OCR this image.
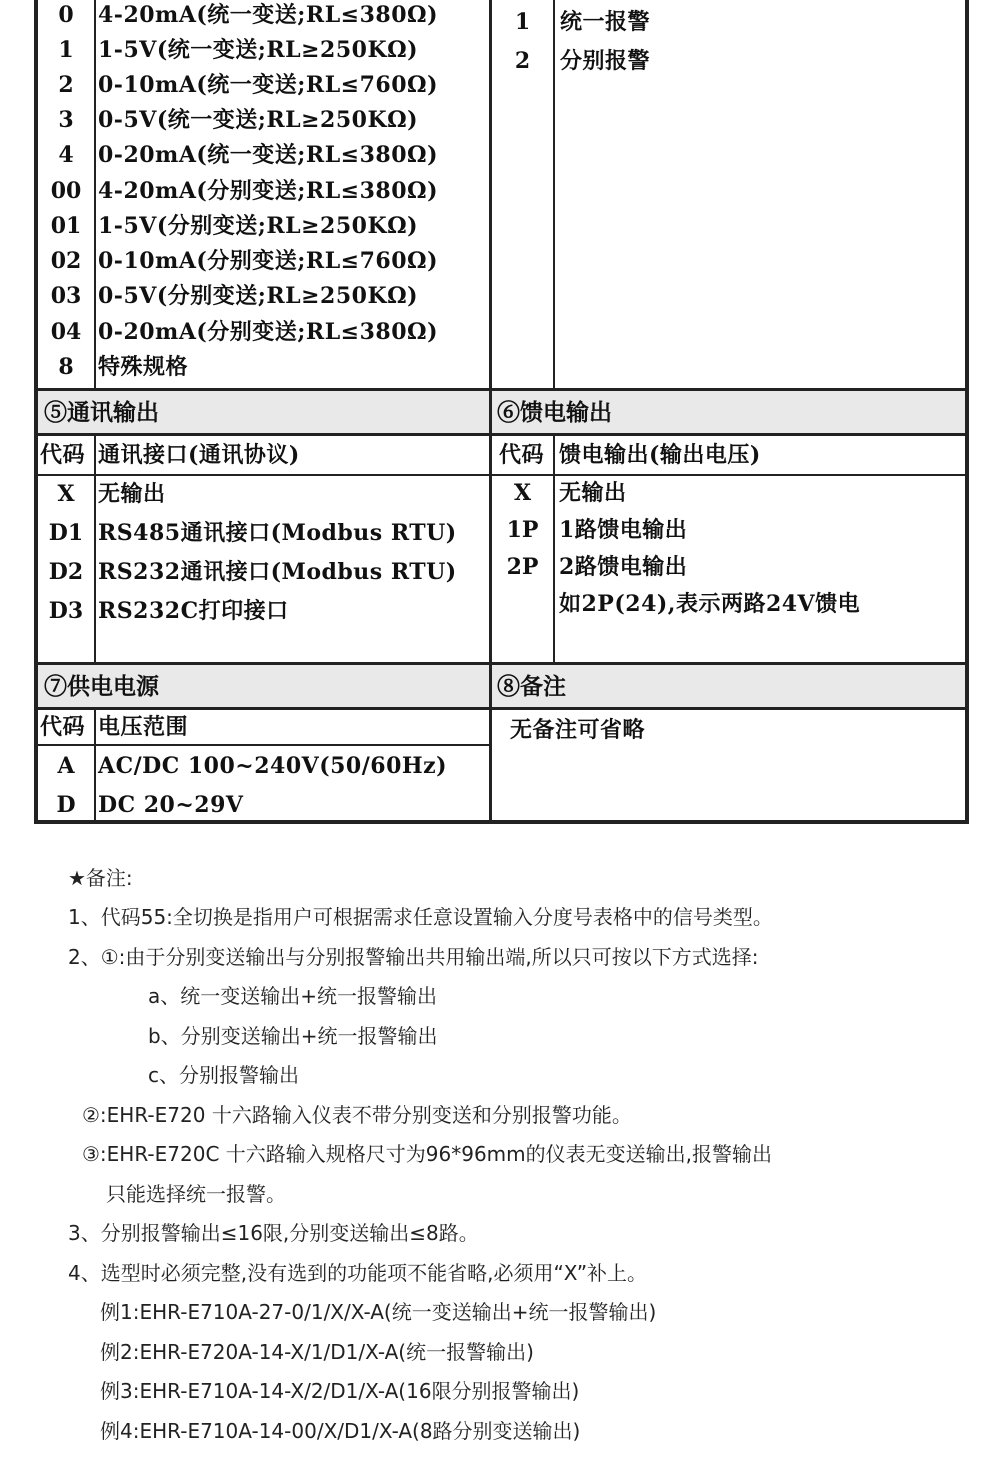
0	4-20mA(统一变送;RL≤380Ω)
1	1-5V(统一变送;RL≥250KΩ)
2	0-10mA(统一变送;RL≤760Ω)
3	0-5V(统一变送;RL≥250KΩ)
4	0-20mA(统一变送;RL≤380Ω)
00 4-20mA(分别变送;RL≤380Ω)
01 1-5V(分别变送;RL≥250KΩ)
02 0-10mA(分别变送;RL≤760Ω)
03 0-5V(分别变送;RL≥250KΩ)
04 0-20mA(分别变送;RL≤380Ω)
8	特殊规格
1	统一报警
2	分别报警
⑤通讯输出
代码 通讯接口(通讯协议)
X	无输出
D1 RS485通讯接口(Modbus RTU)
D2 RS232通讯接口(Modbus RTU)
D3 RS232C打印接口
⑥馈电输出
代码 馈电输出(输出电压)
X	无输出
1P 1路馈电输出
2P 2路馈电输出
如2P(24),表示两路24V馈电
⑦供电电源
代码 电压范围
A	AC/DC 100~240V(50/60Hz)
D	DC 20~29V
⑧备注
无备注可省略
★备注:
1、代码55:全切换是指用户可根据需求任意设置输入分度号表格中的信号类型。
2、①:由于分别变送输出与分别报警输出共用输出端,所以只可按以下方式选择:
a、统一变送输出+统一报警输出
b、分别变送输出+统一报警输出
c、分别报警输出
②:EHR-E720 十六路输入仪表不带分别变送和分别报警功能。
③:EHR-E720C 十六路输入规格尺寸为96*96mm的仪表无变送输出,报警输出
只能选择统一报警。
3、分别报警输出≤16限,分别变送输出≤8路。
4、选型时必须完整,没有选到的功能项不能省略,必须用“X”补上。
例1:EHR-E710A-27-0/1/X/X-A(统一变送输出+统一报警输出)
例2:EHR-E720A-14-X/1/D1/X-A(统一报警输出)
例3:EHR-E710A-14-X/2/D1/X-A(16限分别报警输出)
例4:EHR-E710A-14-00/X/D1/X-A(8路分别变送输出)
